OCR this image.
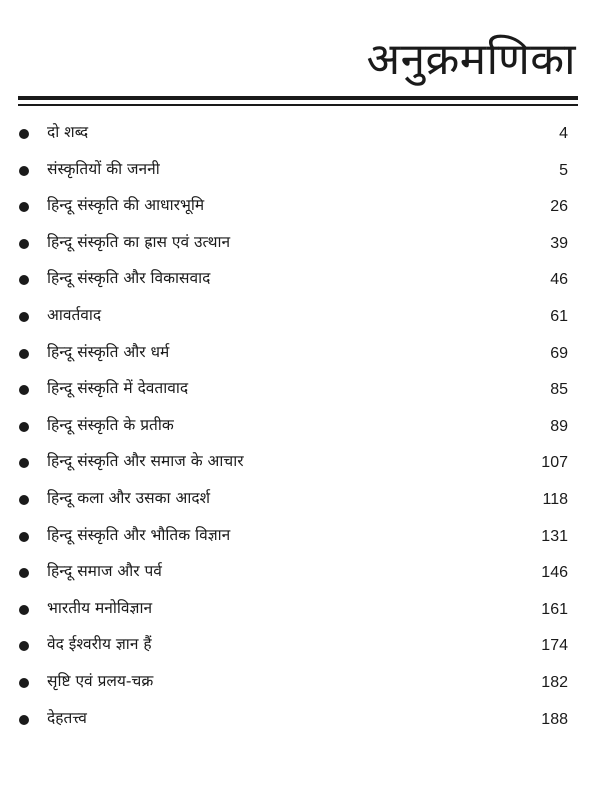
अनुक्रमणिका
दो शब्द	4
संस्कृतियों की जननी	5
हिन्दू संस्कृति की आधारभूमि	26
हिन्दू संस्कृति का ह्रास एवं उत्थान	39
हिन्दू संस्कृति और विकासवाद	46
आवर्तवाद	61
हिन्दू संस्कृति और धर्म	69
हिन्दू संस्कृति में देवतावाद	85
हिन्दू संस्कृति के प्रतीक	89
हिन्दू संस्कृति और समाज के आचार	107
हिन्दू कला और उसका आदर्श	118
हिन्दू संस्कृति और भौतिक विज्ञान	131
हिन्दू समाज और पर्व	146
भारतीय मनोविज्ञान	161
वेद ईश्वरीय ज्ञान हैं	174
सृष्टि एवं प्रलय-चक्र	182
देहतत्त्व	188
